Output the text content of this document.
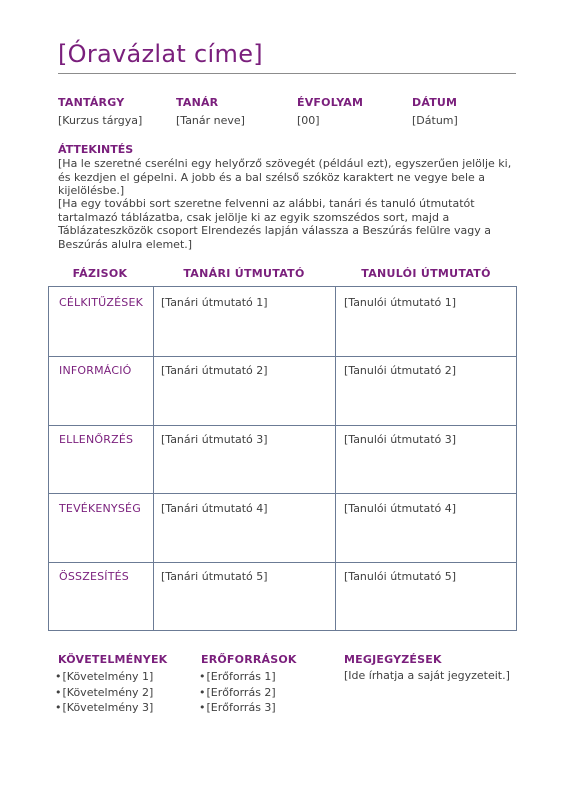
[Óravázlat címe]
TANTÁRGY
[Kurzus tárgya]
TANÁR
[Tanár neve]
ÉVFOLYAM
[00]
DÁTUM
[Dátum]
ÁTTEKINTÉS

[Ha le szeretné cserélni egy helyőrző szövegét (például ezt), egyszerűen jelölje ki, és kezdjen el gépelni. A jobb és a bal szélső szóköz karaktert ne vegye bele a kijelölésbe.]

[Ha egy további sort szeretne felvenni az alábbi, tanári és tanuló útmutatót tartalmazó táblázatba, csak jelölje ki az egyik szomszédos sort, majd a Táblázateszközök csoport Elrendezés lapján válassza a Beszúrás felülre vagy a Beszúrás alulra elemet.]

FÁZISOK	TANÁRI ÚTMUTATÓ	TANULÓI ÚTMUTATÓ
CÉLKITŰZÉSEK [Tanári útmutató 1]	[Tanulói útmutató 1]
INFORMÁCIÓ	[Tanári útmutató 2]	[Tanulói útmutató 2]
ELLENŐRZÉS	[Tanári útmutató 3]	[Tanulói útmutató 3]
TEVÉKENYSÉG [Tanári útmutató 4]	[Tanulói útmutató 4]
ÖSSZESÍTÉS	[Tanári útmutató 5]	[Tanulói útmutató 5]
KÖVETELMÉNYEK
• [Követelmény 1]
• [Követelmény 2]
• [Követelmény 3]
ERŐFORRÁSOK
• [Erőforrás 1]
• [Erőforrás 2]
• [Erőforrás 3]
MEGJEGYZÉSEK
[Ide írhatja a saját jegyzeteit.]
